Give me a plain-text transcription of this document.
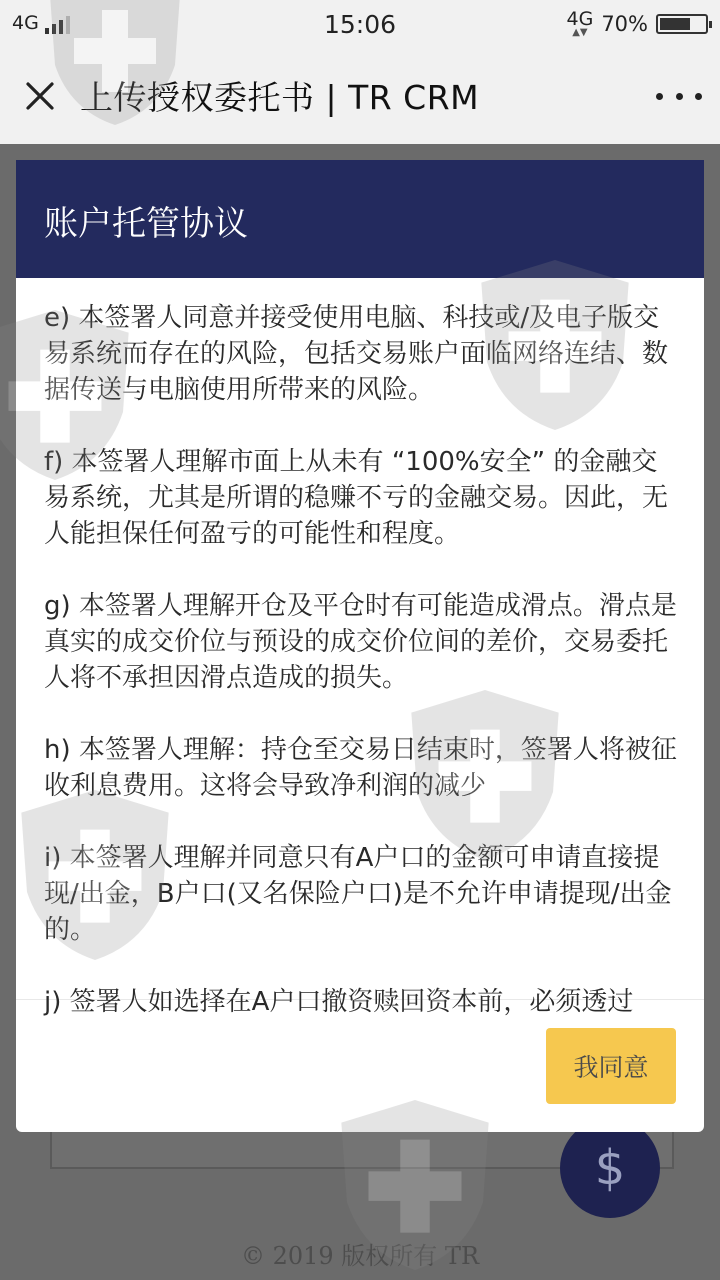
4G	15:06	4G
▲▼ 70%
上传授权委托书 | TR CRM
$
© 2019 版权所有 TR
账户托管协议

e) 本签署人同意并接受使用电脑、科技或/及电子版交易系统而存在的风险，包括交易账户面临网络连结、数据传送与电脑使用所带来的风险。

f) 本签署人理解市面上从未有 “100%安全” 的金融交易系统，尤其是所谓的稳赚不亏的金融交易。因此，无人能担保任何盈亏的可能性和程度。

g) 本签署人理解开仓及平仓时有可能造成滑点。滑点是真实的成交价位与预设的成交价位间的差价，交易委托人将不承担因滑点造成的损失。

h) 本签署人理解：持仓至交易日结束时，签署人将被征收利息费用。这将会导致净利润的减少

i) 本签署人理解并同意只有A户口的金额可申请直接提现/出金，B户口(又名保险户口)是不允许申请提现/出金的。

j) 签署人如选择在A户口撤资赎回资本前，必须透过

我同意
